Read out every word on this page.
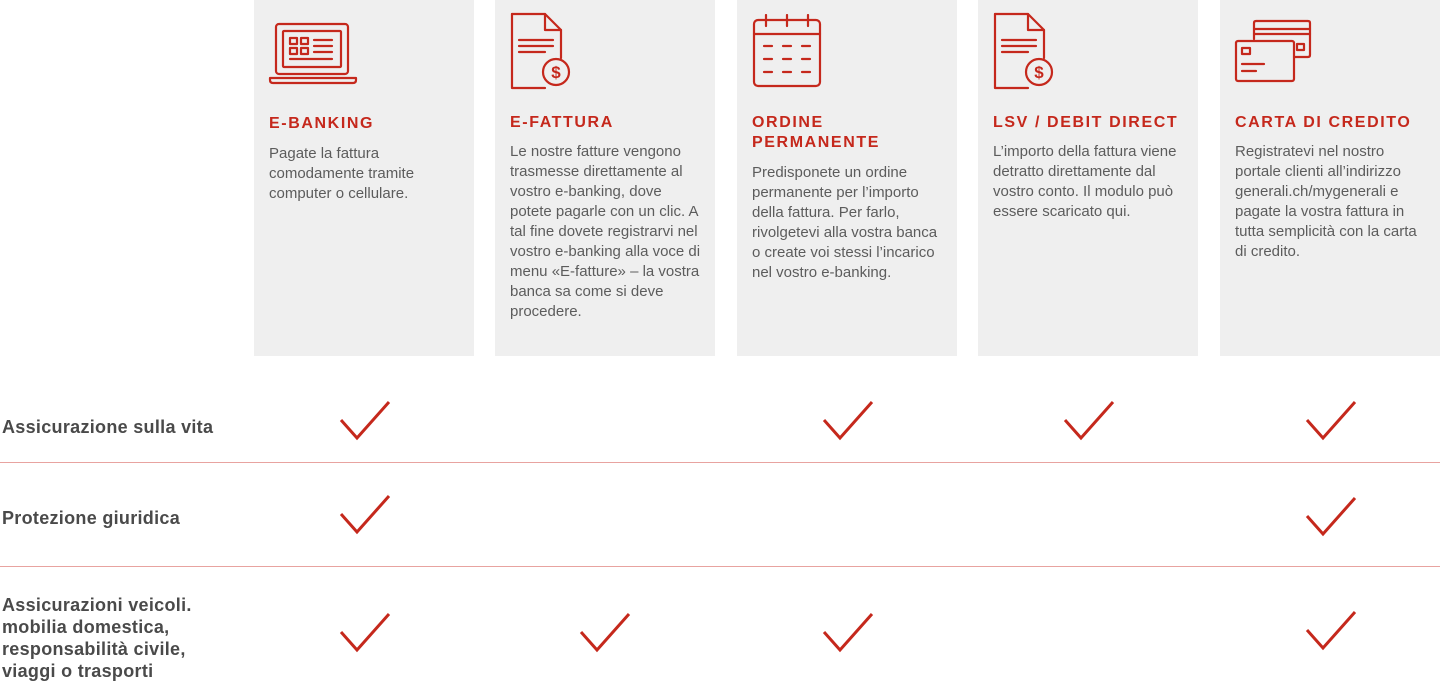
E-BANKING
Pagate la fattura comodamente tramite computer o cellulare.
$
E-FATTURA
Le nostre fatture vengono trasmesse direttamente al vostro e-banking, dove potete pagarle con un clic. A tal fine dovete registrarvi nel vostro e-banking alla voce di menu «E-fatture» – la vostra banca sa come si deve procedere.
ORDINE PERMANENTE
Predisponete un ordine permanente per l’importo della fattura. Per farlo, rivolgetevi alla vostra banca o create voi stessi l’incarico nel vostro e-banking.
$
LSV / DEBIT DIRECT
L’importo della fattura viene detratto direttamente dal vostro conto. Il modulo può essere scaricato qui.
CARTA DI CREDITO
Registratevi nel nostro portale clienti all’indirizzo generali.ch/mygenerali e pagate la vostra fattura in tutta semplicità con la carta di credito.
Assicurazione sulla vita
Protezione giuridica
Assicurazioni veicoli. mobilia domestica, responsabilità civile, viaggi o trasporti
